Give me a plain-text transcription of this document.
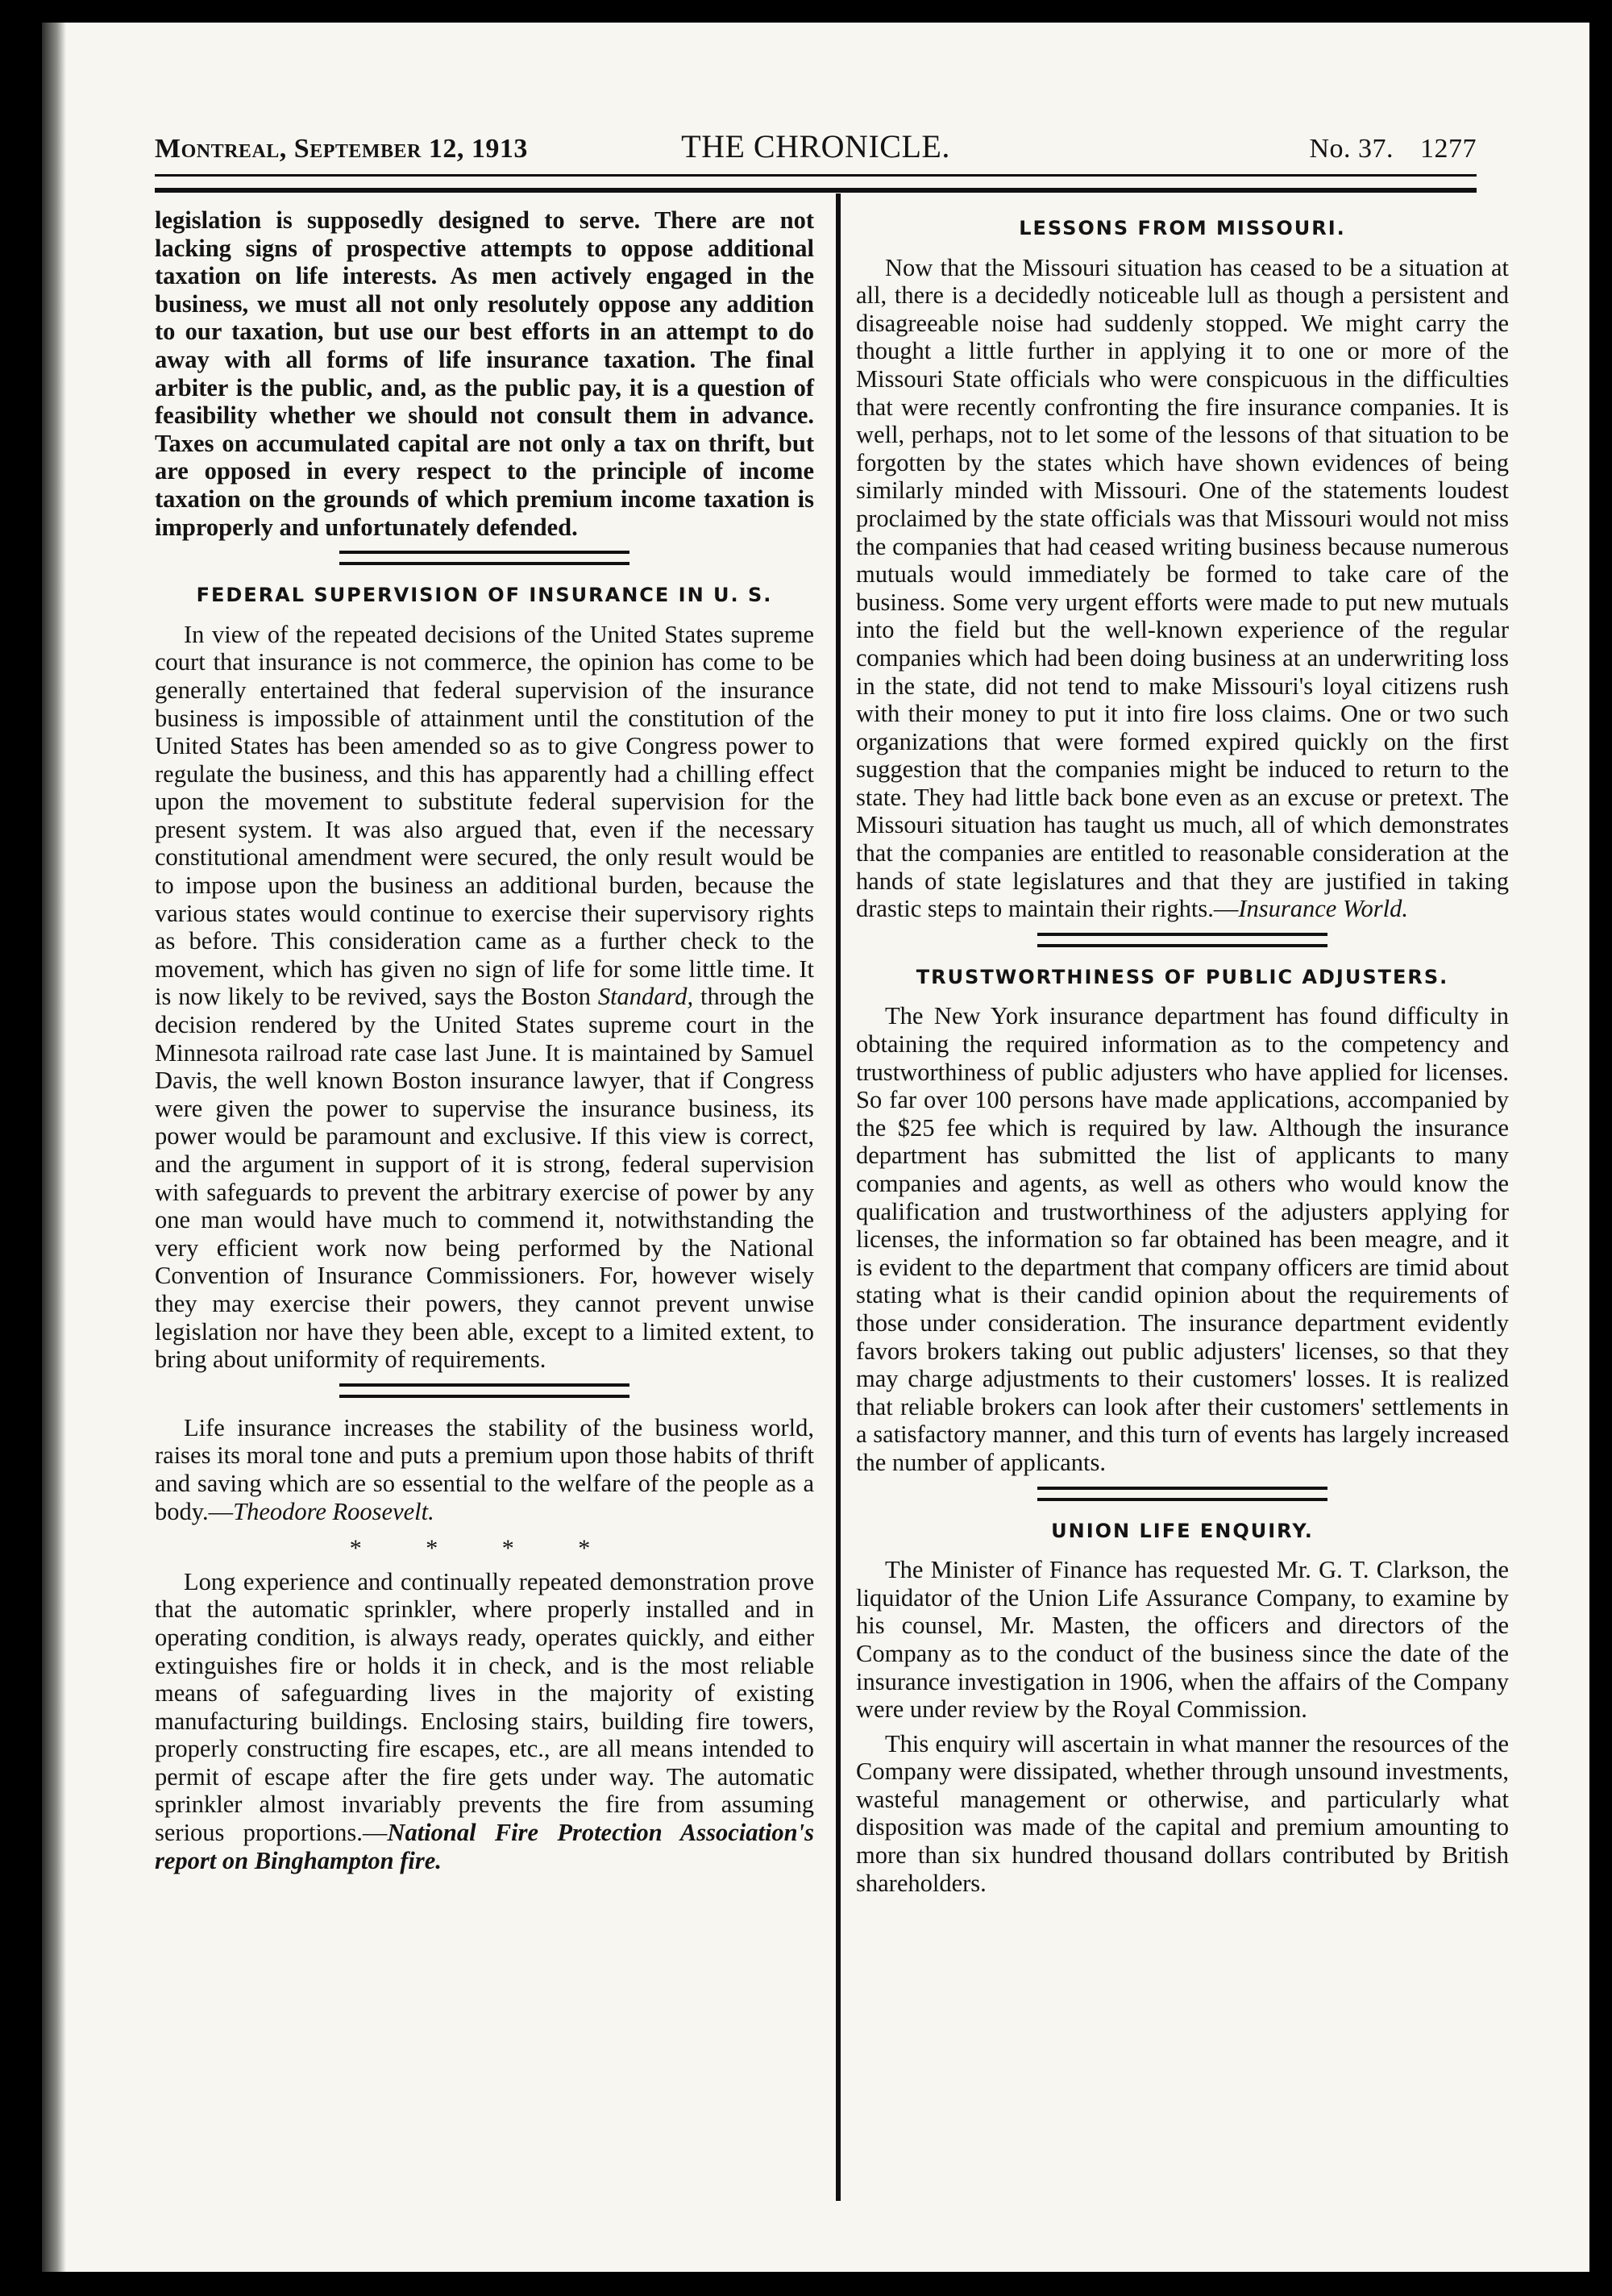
Montreal, September 12, 1913	THE CHRONICLE.	No. 37. 1277

legislation is supposedly designed to serve. There are not lacking signs of prospective attempts to oppose additional taxation on life interests. As men actively engaged in the business, we must all not only resolutely oppose any addition to our taxation, but use our best efforts in an attempt to do away with all forms of life insurance taxation. The final arbiter is the public, and, as the public pay, it is a question of feasibility whether we should not consult them in advance. Taxes on accumulated capital are not only a tax on thrift, but are opposed in every respect to the principle of income taxation on the grounds of which premium income taxation is improperly and unfortunately defended.

FEDERAL SUPERVISION OF INSURANCE IN U. S.

In view of the repeated decisions of the United States supreme court that insurance is not commerce, the opinion has come to be generally entertained that federal supervision of the insurance business is impossible of attainment until the constitution of the United States has been amended so as to give Congress power to regulate the business, and this has apparently had a chilling effect upon the movement to substitute federal supervision for the present system. It was also argued that, even if the necessary constitutional amendment were secured, the only result would be to impose upon the business an additional burden, because the various states would continue to exercise their supervisory rights as before. This consideration came as a further check to the movement, which has given no sign of life for some little time. It is now likely to be revived, says the Boston Standard, through the decision rendered by the United States supreme court in the Minnesota railroad rate case last June. It is maintained by Samuel Davis, the well known Boston insurance lawyer, that if Congress were given the power to supervise the insurance business, its power would be paramount and exclusive. If this view is correct, and the argument in support of it is strong, federal supervision with safeguards to prevent the arbitrary exercise of power by any one man would have much to commend it, notwithstanding the very efficient work now being performed by the National Convention of Insurance Commissioners. For, however wisely they may exercise their powers, they cannot prevent unwise legislation nor have they been able, except to a limited extent, to bring about uniformity of requirements.

Life insurance increases the stability of the business world, raises its moral tone and puts a premium upon those habits of thrift and saving which are so essential to the welfare of the people as a body.—Theodore Roosevelt.

* * * *

Long experience and continually repeated demonstration prove that the automatic sprinkler, where properly installed and in operating condition, is always ready, operates quickly, and either extinguishes fire or holds it in check, and is the most reliable means of safeguarding lives in the majority of existing manufacturing buildings. Enclosing stairs, building fire towers, properly constructing fire escapes, etc., are all means intended to permit of escape after the fire gets under way. The automatic sprinkler almost invariably prevents the fire from assuming serious proportions.—National Fire Protection Association's report on Binghampton fire.

LESSONS FROM MISSOURI.

Now that the Missouri situation has ceased to be a situation at all, there is a decidedly noticeable lull as though a persistent and disagreeable noise had suddenly stopped. We might carry the thought a little further in applying it to one or more of the Missouri State officials who were conspicuous in the difficulties that were recently confronting the fire insurance companies. It is well, perhaps, not to let some of the lessons of that situation to be forgotten by the states which have shown evidences of being similarly minded with Missouri. One of the statements loudest proclaimed by the state officials was that Missouri would not miss the companies that had ceased writing business because numerous mutuals would immediately be formed to take care of the business. Some very urgent efforts were made to put new mutuals into the field but the well-known experience of the regular companies which had been doing business at an underwriting loss in the state, did not tend to make Missouri's loyal citizens rush with their money to put it into fire loss claims. One or two such organizations that were formed expired quickly on the first suggestion that the companies might be induced to return to the state. They had little back bone even as an excuse or pretext. The Missouri situation has taught us much, all of which demonstrates that the companies are entitled to reasonable consideration at the hands of state legislatures and that they are justified in taking drastic steps to maintain their rights.—Insurance World.

TRUSTWORTHINESS OF PUBLIC ADJUSTERS.

The New York insurance department has found difficulty in obtaining the required information as to the competency and trustworthiness of public adjusters who have applied for licenses. So far over 100 persons have made applications, accompanied by the $25 fee which is required by law. Although the insurance department has submitted the list of applicants to many companies and agents, as well as others who would know the qualification and trustworthiness of the adjusters applying for licenses, the information so far obtained has been meagre, and it is evident to the department that company officers are timid about stating what is their candid opinion about the requirements of those under consideration. The insurance department evidently favors brokers taking out public adjusters' licenses, so that they may charge adjustments to their customers' losses. It is realized that reliable brokers can look after their customers' settlements in a satisfactory manner, and this turn of events has largely increased the number of applicants.

UNION LIFE ENQUIRY.

The Minister of Finance has requested Mr. G. T. Clarkson, the liquidator of the Union Life Assurance Company, to examine by his counsel, Mr. Masten, the officers and directors of the Company as to the conduct of the business since the date of the insurance investigation in 1906, when the affairs of the Company were under review by the Royal Commission.

This enquiry will ascertain in what manner the resources of the Company were dissipated, whether through unsound investments, wasteful management or otherwise, and particularly what disposition was made of the capital and premium amounting to more than six hundred thousand dollars contributed by British shareholders.
